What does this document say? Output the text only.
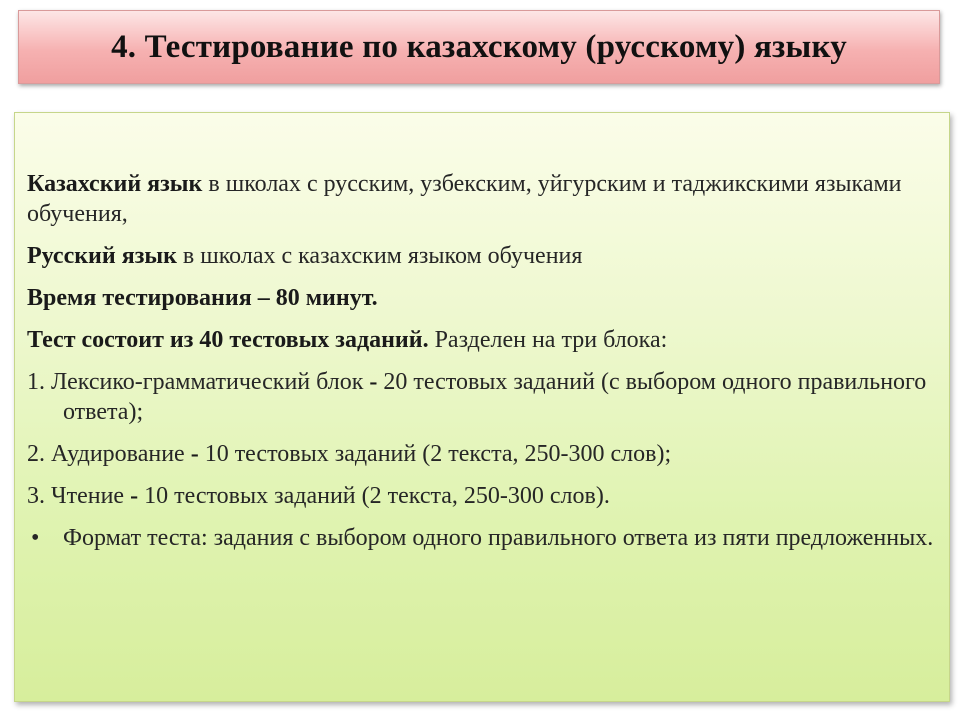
4. Тестирование по казахскому (русскому) языку

Казахский язык в школах с русским, узбекским, уйгурским и таджикскими языками обучения,

Русский язык в школах с казахским языком обучения

Время тестирования – 80 минут.

Тест состоит из 40 тестовых заданий. Разделен на три блока:

1. Лексико-грамматический блок - 20 тестовых заданий (с выбором одного правильного ответа);

2. Аудирование - 10 тестовых заданий (2 текста, 250-300 слов);

3. Чтение - 10 тестовых заданий (2 текста, 250-300 слов).

• Формат теста: задания с выбором одного правильного ответа из пяти предложенных.
